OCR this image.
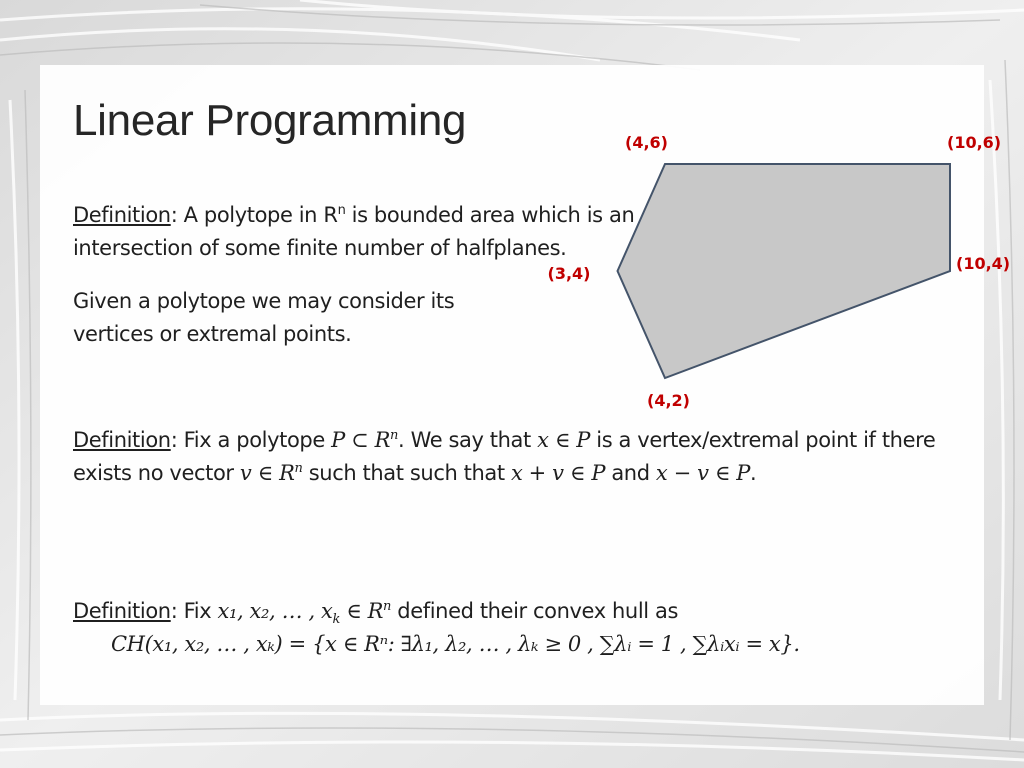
Linear Programming
Definition: A polytope in $R^n$ is bounded area which is an intersection of some finite number of halfplanes.
Given a polytope we may consider its vertices or extremal points.
Definition: Fix a polytope P ⊂ $R^n$. We say that x ∈ P is a vertex/extremal point if there exists no vector v ∈ $R^n$ such that such that x + v ∈ P and x − v ∈ P.
Definition: Fix x₁, x₂, … , $x_k$ ∈ $R^n$ defined their convex hull as
CH(x₁, x₂, … , xₖ) = {x ∈ Rⁿ: ∃λ₁, λ₂, … , λₖ ≥ 0 , ∑λᵢ = 1 , ∑λᵢxᵢ = x}.
(4,6)	(10,6)
(10,4)
(4,2)
(3,4)
